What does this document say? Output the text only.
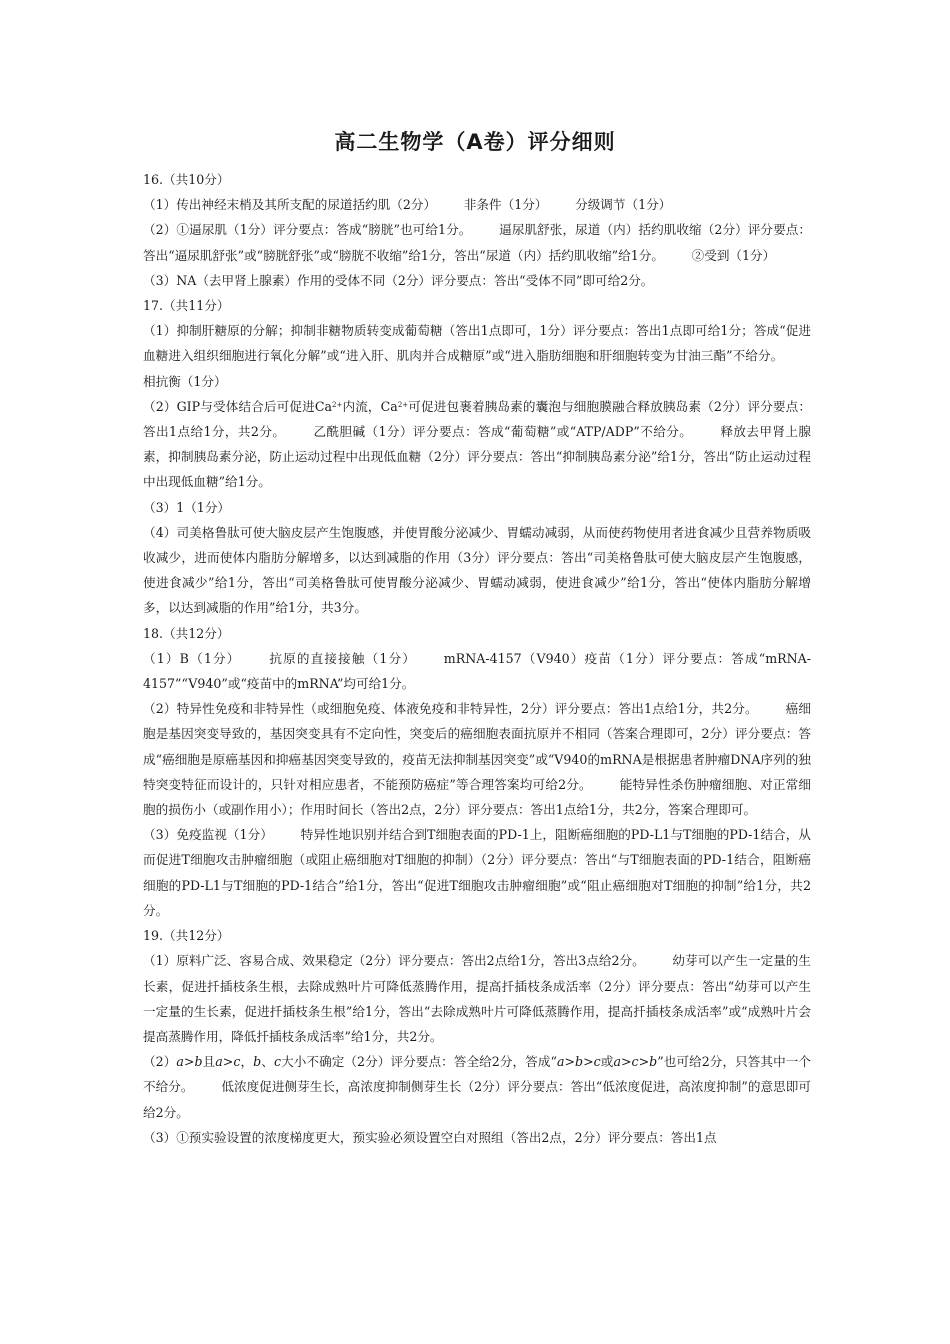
高二生物学（A卷）评分细则

16.（共10分）

（1）传出神经末梢及其所支配的尿道括约肌（2分） 非条件（1分） 分级调节（1分）

（2）①逼尿肌（1分）评分要点：答成“膀胱”也可给1分。 逼尿肌舒张，尿道（内）括约肌收缩（2分）评分要点：答出“逼尿肌舒张”或“膀胱舒张”或“膀胱不收缩”给1分，答出“尿道（内）括约肌收缩”给1分。 ②受到（1分）

（3）NA（去甲肾上腺素）作用的受体不同（2分）评分要点：答出“受体不同”即可给2分。

17.（共11分）

（1）抑制肝糖原的分解；抑制非糖物质转变成葡萄糖（答出1点即可，1分）评分要点：答出1点即可给1分；答成“促进血糖进入组织细胞进行氧化分解”或“进入肝、肌肉并合成糖原”或“进入脂肪细胞和肝细胞转变为甘油三酯”不给分。相抗衡（1分）

（2）GIP与受体结合后可促进$Ca^{2+}$内流，$Ca^{2+}$可促进包裹着胰岛素的囊泡与细胞膜融合释放胰岛素（2分）评分要点：答出1点给1分，共2分。 乙酰胆碱（1分）评分要点：答成“葡萄糖”或“ATP/ADP”不给分。 释放去甲肾上腺素，抑制胰岛素分泌，防止运动过程中出现低血糖（2分）评分要点：答出“抑制胰岛素分泌”给1分，答出“防止运动过程中出现低血糖”给1分。

（3）1（1分）

（4）司美格鲁肽可使大脑皮层产生饱腹感，并使胃酸分泌减少、胃蠕动减弱，从而使药物使用者进食减少且营养物质吸收减少，进而使体内脂肪分解增多，以达到减脂的作用（3分）评分要点：答出“司美格鲁肽可使大脑皮层产生饱腹感，使进食减少”给1分，答出“司美格鲁肽可使胃酸分泌减少、胃蠕动减弱，使进食减少”给1分，答出“使体内脂肪分解增多，以达到减脂的作用”给1分，共3分。

18.（共12分）

（1）B（1分） 抗原的直接接触（1分） mRNA-4157（V940）疫苗（1分）评分要点：答成“mRNA-4157”“V940”或“疫苗中的mRNA”均可给1分。

（2）特异性免疫和非特异性（或细胞免疫、体液免疫和非特异性，2分）评分要点：答出1点给1分，共2分。 癌细胞是基因突变导致的，基因突变具有不定向性，突变后的癌细胞表面抗原并不相同（答案合理即可，2分）评分要点：答成“癌细胞是原癌基因和抑癌基因突变导致的，疫苗无法抑制基因突变”或“V940的mRNA是根据患者肿瘤DNA序列的独特突变特征而设计的，只针对相应患者，不能预防癌症”等合理答案均可给2分。 能特异性杀伤肿瘤细胞、对正常细胞的损伤小（或副作用小）；作用时间长（答出2点，2分）评分要点：答出1点给1分，共2分，答案合理即可。

（3）免疫监视（1分） 特异性地识别并结合到T细胞表面的PD-1上，阻断癌细胞的PD-L1与T细胞的PD-1结合，从而促进T细胞攻击肿瘤细胞（或阻止癌细胞对T细胞的抑制）（2分）评分要点：答出“与T细胞表面的PD-1结合，阻断癌细胞的PD-L1与T细胞的PD-1结合”给1分，答出“促进T细胞攻击肿瘤细胞”或“阻止癌细胞对T细胞的抑制”给1分，共2分。

19.（共12分）

（1）原料广泛、容易合成、效果稳定（2分）评分要点：答出2点给1分，答出3点给2分。 幼芽可以产生一定量的生长素，促进扦插枝条生根，去除成熟叶片可降低蒸腾作用，提高扦插枝条成活率（2分）评分要点：答出“幼芽可以产生一定量的生长素，促进扦插枝条生根”给1分，答出“去除成熟叶片可降低蒸腾作用，提高扦插枝条成活率”或“成熟叶片会提高蒸腾作用，降低扦插枝条成活率”给1分，共2分。

（2）a>b且a>c，b、c大小不确定（2分）评分要点：答全给2分，答成“a>b>c或a>c>b”也可给2分，只答其中一个不给分。 低浓度促进侧芽生长，高浓度抑制侧芽生长（2分）评分要点：答出“低浓度促进，高浓度抑制”的意思即可给2分。

（3）①预实验设置的浓度梯度更大，预实验必须设置空白对照组（答出2点，2分）评分要点：答出1点
